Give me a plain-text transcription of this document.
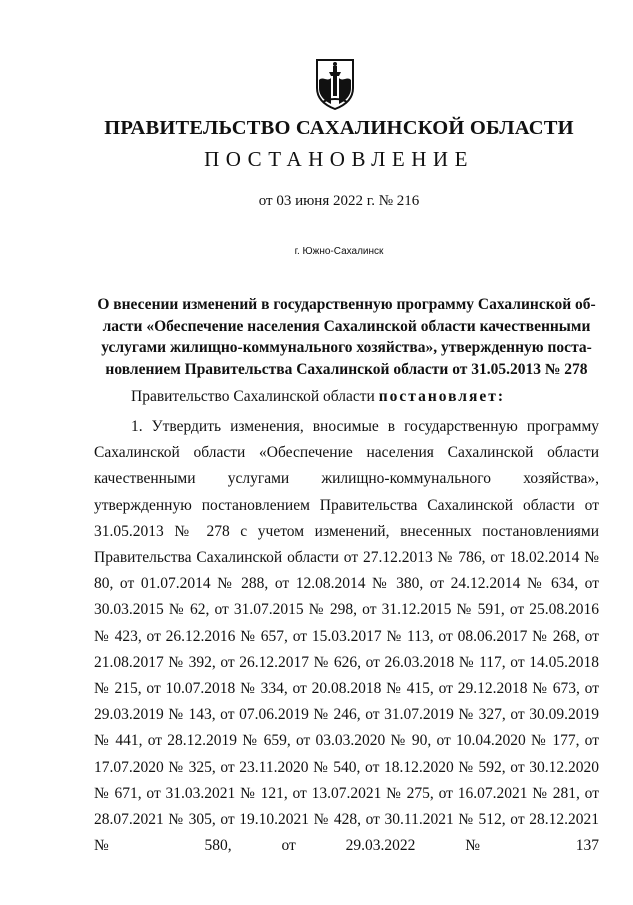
ПРАВИТЕЛЬСТВО САХАЛИНСКОЙ ОБЛАСТИ
ПОСТАНОВЛЕНИЕ
от 03 июня 2022 г. № 216
г. Южно-Сахалинск
О внесении изменений в государственную программу Сахалинской об-
ласти «Обеспечение населения Сахалинской области качественными
услугами жилищно-коммунального хозяйства», утвержденную поста-
новлением Правительства Сахалинской области от 31.05.2013 № 278
Правительство Сахалинской области постановляет:

1. Утвердить изменения, вносимые в государственную программу Сахалинской области «Обеспечение населения Сахалинской области качественными услугами жилищно-коммунального хозяйства», утвержденную постановлением Правительства Сахалинской области от 31.05.2013 № 278 с учетом изменений, внесенных постановлениями Правительства Сахалинской области от 27.12.2013 № 786, от 18.02.2014 № 80, от 01.07.2014 № 288, от 12.08.2014 № 380, от 24.12.2014 № 634, от 30.03.2015 № 62, от 31.07.2015 № 298, от 31.12.2015 № 591, от 25.08.2016 № 423, от 26.12.2016 № 657, от 15.03.2017 № 113, от 08.06.2017 № 268, от 21.08.2017 № 392, от 26.12.2017 № 626, от 26.03.2018 № 117, от 14.05.2018 № 215, от 10.07.2018 № 334, от 20.08.2018 № 415, от 29.12.2018 № 673, от 29.03.2019 № 143, от 07.06.2019 № 246, от 31.07.2019 № 327, от 30.09.2019 № 441, от 28.12.2019 № 659, от 03.03.2020 № 90, от 10.04.2020 № 177, от 17.07.2020 № 325, от 23.11.2020 № 540, от 18.12.2020 № 592, от 30.12.2020 № 671, от 31.03.2021 № 121, от 13.07.2021 № 275, от 16.07.2021 № 281, от 28.07.2021 № 305, от 19.10.2021 № 428, от 30.11.2021 № 512, от 28.12.2021 № 580, от 29.03.2022 № 137
